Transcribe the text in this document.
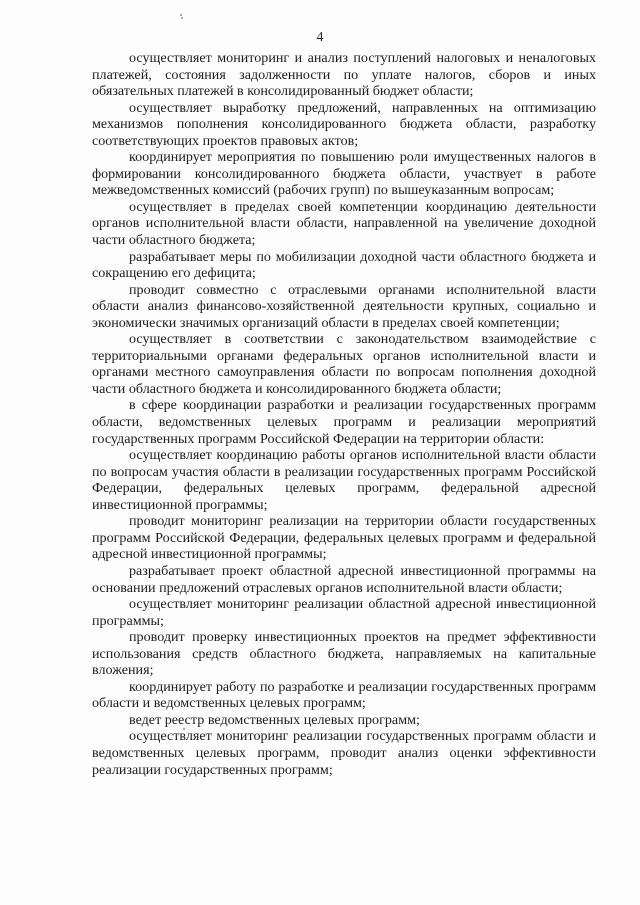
4

осуществляет мониторинг и анализ поступлений налоговых и неналоговых платежей, состояния задолженности по уплате налогов, сборов и иных обязательных платежей в консолидированный бюджет области;

осуществляет выработку предложений, направленных на оптимизацию механизмов пополнения консолидированного бюджета области, разработку соответствующих проектов правовых актов;

координирует мероприятия по повышению роли имущественных налогов в формировании консолидированного бюджета области, участвует в работе межведомственных комиссий (рабочих групп) по вышеуказанным вопросам;

осуществляет в пределах своей компетенции координацию деятельности органов исполнительной власти области, направленной на увеличение доходной части областного бюджета;

разрабатывает меры по мобилизации доходной части областного бюджета и сокращению его дефицита;

проводит совместно с отраслевыми органами исполнительной власти области анализ финансово-хозяйственной деятельности крупных, социально и экономически значимых организаций области в пределах своей компетенции;

осуществляет в соответствии с законодательством взаимодействие с территориальными органами федеральных органов исполнительной власти и органами местного самоуправления области по вопросам пополнения доходной части областного бюджета и консолидированного бюджета области;

в сфере координации разработки и реализации государственных программ области, ведомственных целевых программ и реализации мероприятий государственных программ Российской Федерации на территории области:

осуществляет координацию работы органов исполнительной власти области по вопросам участия области в реализации государственных программ Российской Федерации, федеральных целевых программ, федеральной адресной инвестиционной программы;

проводит мониторинг реализации на территории области государственных программ Российской Федерации, федеральных целевых программ и федеральной адресной инвестиционной программы;

разрабатывает проект областной адресной инвестиционной программы на основании предложений отраслевых органов исполнительной власти области;

осуществляет мониторинг реализации областной адресной инвестиционной программы;

проводит проверку инвестиционных проектов на предмет эффективности использования средств областного бюджета, направляемых на капитальные вложения;

координирует работу по разработке и реализации государственных программ области и ведомственных целевых программ;

ведет реестр ведомственных целевых программ;

осуществляет мониторинг реализации государственных программ области и ведомственных целевых программ, проводит анализ оценки эффективности реализации государственных программ;
